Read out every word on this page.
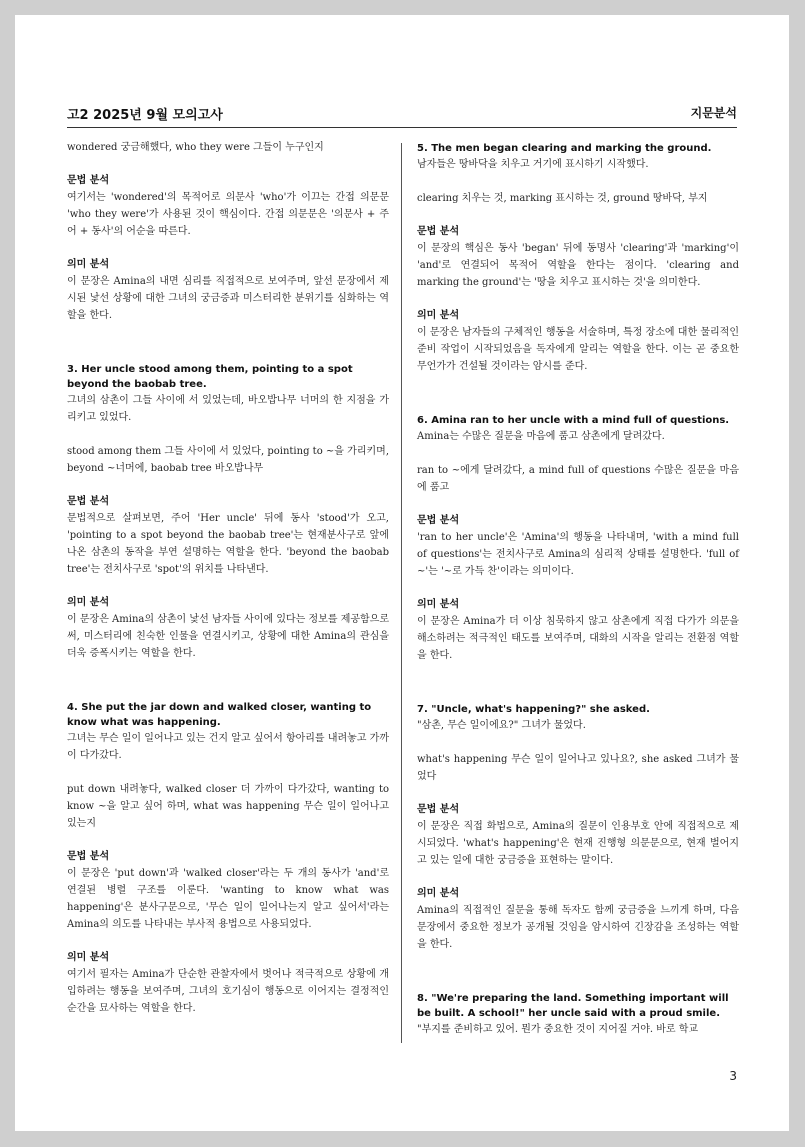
고2 2025년 9월 모의고사	지문분석

wondered 궁금해했다, who they were 그들이 누구인지

문법 분석

여기서는 'wondered'의 목적어로 의문사 'who'가 이끄는 간접 의문문 'who they were'가 사용된 것이 핵심이다. 간접 의문문은 '의문사 + 주어 + 동사'의 어순을 따른다.

의미 분석

이 문장은 Amina의 내면 심리를 직접적으로 보여주며, 앞선 문장에서 제시된 낯선 상황에 대한 그녀의 궁금증과 미스터리한 분위기를 심화하는 역할을 한다.

3. Her uncle stood among them, pointing to a spot beyond the baobab tree.

그녀의 삼촌이 그들 사이에 서 있었는데, 바오밥나무 너머의 한 지점을 가리키고 있었다.

stood among them 그들 사이에 서 있었다, pointing to ~을 가리키며, beyond ~너머에, baobab tree 바오밥나무

문법 분석

문법적으로 살펴보면, 주어 'Her uncle' 뒤에 동사 'stood'가 오고, 'pointing to a spot beyond the baobab tree'는 현재분사구로 앞에 나온 삼촌의 동작을 부연 설명하는 역할을 한다. 'beyond the baobab tree'는 전치사구로 'spot'의 위치를 나타낸다.

의미 분석

이 문장은 Amina의 삼촌이 낯선 남자들 사이에 있다는 정보를 제공함으로써, 미스터리에 친숙한 인물을 연결시키고, 상황에 대한 Amina의 관심을 더욱 증폭시키는 역할을 한다.

4. She put the jar down and walked closer, wanting to know what was happening.

그녀는 무슨 일이 일어나고 있는 건지 알고 싶어서 항아리를 내려놓고 가까이 다가갔다.

put down 내려놓다, walked closer 더 가까이 다가갔다, wanting to know ~을 알고 싶어 하며, what was happening 무슨 일이 일어나고 있는지

문법 분석

이 문장은 'put down'과 'walked closer'라는 두 개의 동사가 'and'로 연결된 병렬 구조를 이룬다. 'wanting to know what was happening'은 분사구문으로, '무슨 일이 일어나는지 알고 싶어서'라는 Amina의 의도를 나타내는 부사적 용법으로 사용되었다.

의미 분석

여기서 필자는 Amina가 단순한 관찰자에서 벗어나 적극적으로 상황에 개입하려는 행동을 보여주며, 그녀의 호기심이 행동으로 이어지는 결정적인 순간을 묘사하는 역할을 한다.

5. The men began clearing and marking the ground.

남자들은 땅바닥을 치우고 거기에 표시하기 시작했다.

clearing 치우는 것, marking 표시하는 것, ground 땅바닥, 부지

문법 분석

이 문장의 핵심은 동사 'began' 뒤에 동명사 'clearing'과 'marking'이 'and'로 연결되어 목적어 역할을 한다는 점이다. 'clearing and marking the ground'는 '땅을 치우고 표시하는 것'을 의미한다.

의미 분석

이 문장은 남자들의 구체적인 행동을 서술하며, 특정 장소에 대한 물리적인 준비 작업이 시작되었음을 독자에게 알리는 역할을 한다. 이는 곧 중요한 무언가가 건설될 것이라는 암시를 준다.

6. Amina ran to her uncle with a mind full of questions.

Amina는 수많은 질문을 마음에 품고 삼촌에게 달려갔다.

ran to ~에게 달려갔다, a mind full of questions 수많은 질문을 마음에 품고

문법 분석

'ran to her uncle'은 'Amina'의 행동을 나타내며, 'with a mind full of questions'는 전치사구로 Amina의 심리적 상태를 설명한다. 'full of ~'는 '~로 가득 찬'이라는 의미이다.

의미 분석

이 문장은 Amina가 더 이상 침묵하지 않고 삼촌에게 직접 다가가 의문을 해소하려는 적극적인 태도를 보여주며, 대화의 시작을 알리는 전환점 역할을 한다.

7. "Uncle, what's happening?" she asked.

"삼촌, 무슨 일이에요?" 그녀가 물었다.

what's happening 무슨 일이 일어나고 있나요?, she asked 그녀가 물었다

문법 분석

이 문장은 직접 화법으로, Amina의 질문이 인용부호 안에 직접적으로 제시되었다. 'what's happening'은 현재 진행형 의문문으로, 현재 벌어지고 있는 일에 대한 궁금증을 표현하는 말이다.

의미 분석

Amina의 직접적인 질문을 통해 독자도 함께 궁금증을 느끼게 하며, 다음 문장에서 중요한 정보가 공개될 것임을 암시하여 긴장감을 조성하는 역할을 한다.

8. "We're preparing the land. Something important will be built. A school!" her uncle said with a proud smile.

"부지를 준비하고 있어. 뭔가 중요한 것이 지어질 거야. 바로 학교

3
